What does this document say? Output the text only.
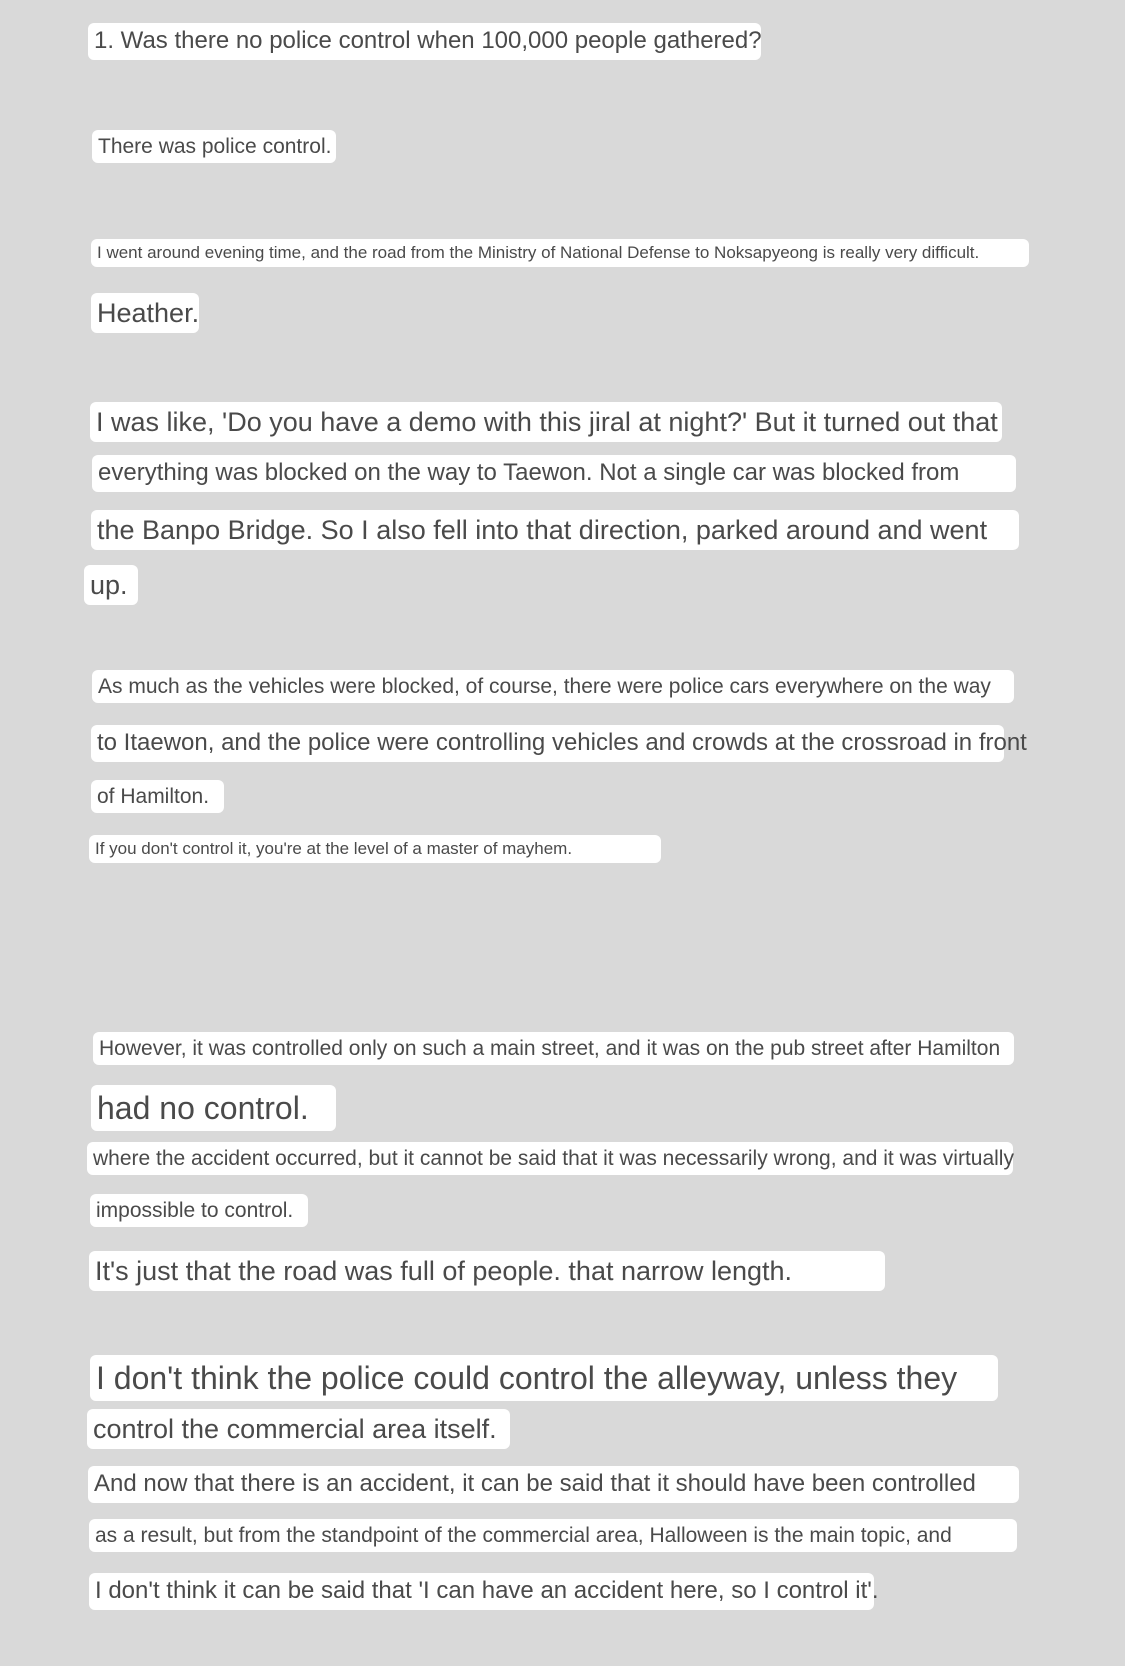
1. Was there no police control when 100,000 people gathered?
There was police control.
I went around evening time, and the road from the Ministry of National Defense to Noksapyeong is really very difficult.
Heather.
I was like, 'Do you have a demo with this jiral at night?' But it turned out that
everything was blocked on the way to Taewon. Not a single car was blocked from
the Banpo Bridge. So I also fell into that direction, parked around and went
up.
As much as the vehicles were blocked, of course, there were police cars everywhere on the way
to Itaewon, and the police were controlling vehicles and crowds at the crossroad in front
of Hamilton.
If you don't control it, you're at the level of a master of mayhem.
However, it was controlled only on such a main street, and it was on the pub street after Hamilton
had no control.
where the accident occurred, but it cannot be said that it was necessarily wrong, and it was virtually
impossible to control.
It's just that the road was full of people. that narrow length.
I don't think the police could control the alleyway, unless they
control the commercial area itself.
And now that there is an accident, it can be said that it should have been controlled
as a result, but from the standpoint of the commercial area, Halloween is the main topic, and
I don't think it can be said that 'I can have an accident here, so I control it'.
